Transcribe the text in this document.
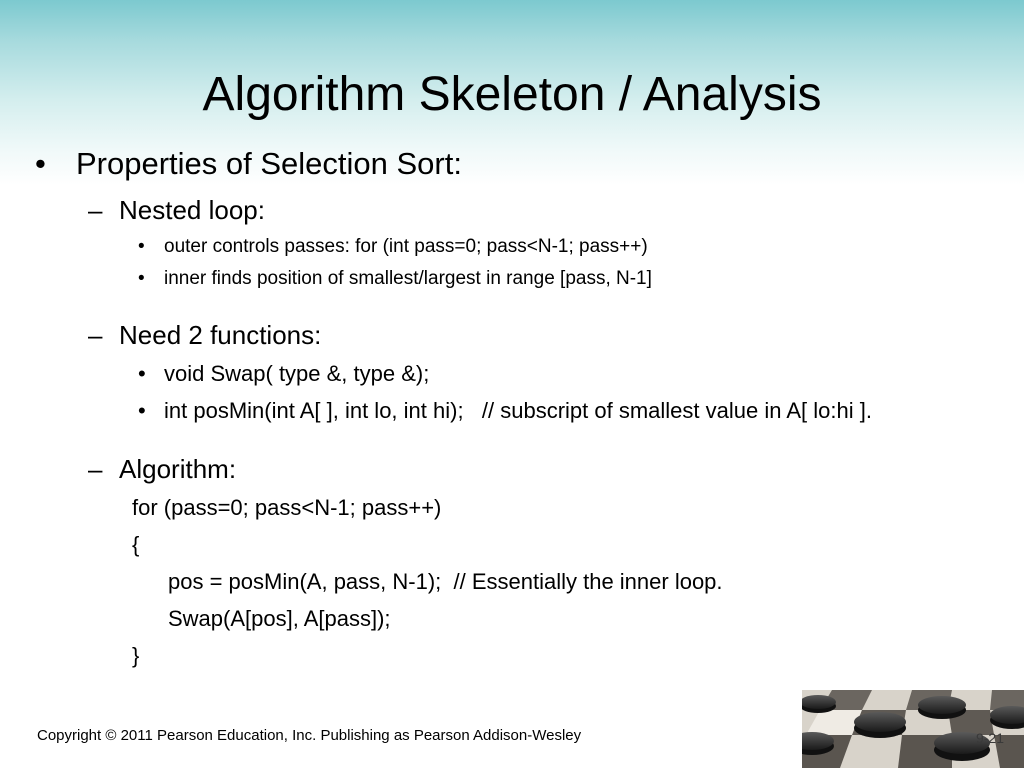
Algorithm Skeleton / Analysis
• Properties of Selection Sort:
– Nested loop:
• outer controls passes: for (int pass=0; pass<N-1; pass++)
• inner finds position of smallest/largest in range [pass, N-1]
– Need 2 functions:
• void Swap( type &, type &);
• int posMin(int A[ ], int lo, int hi);   // subscript of smallest value in A[ lo:hi ].
– Algorithm:
for (pass=0; pass<N-1; pass++)
{
pos = posMin(A, pass, N-1);  // Essentially the inner loop.
Swap(A[pos], A[pass]);
}
Copyright © 2011 Pearson Education, Inc. Publishing as Pearson Addison-Wesley	9-21
